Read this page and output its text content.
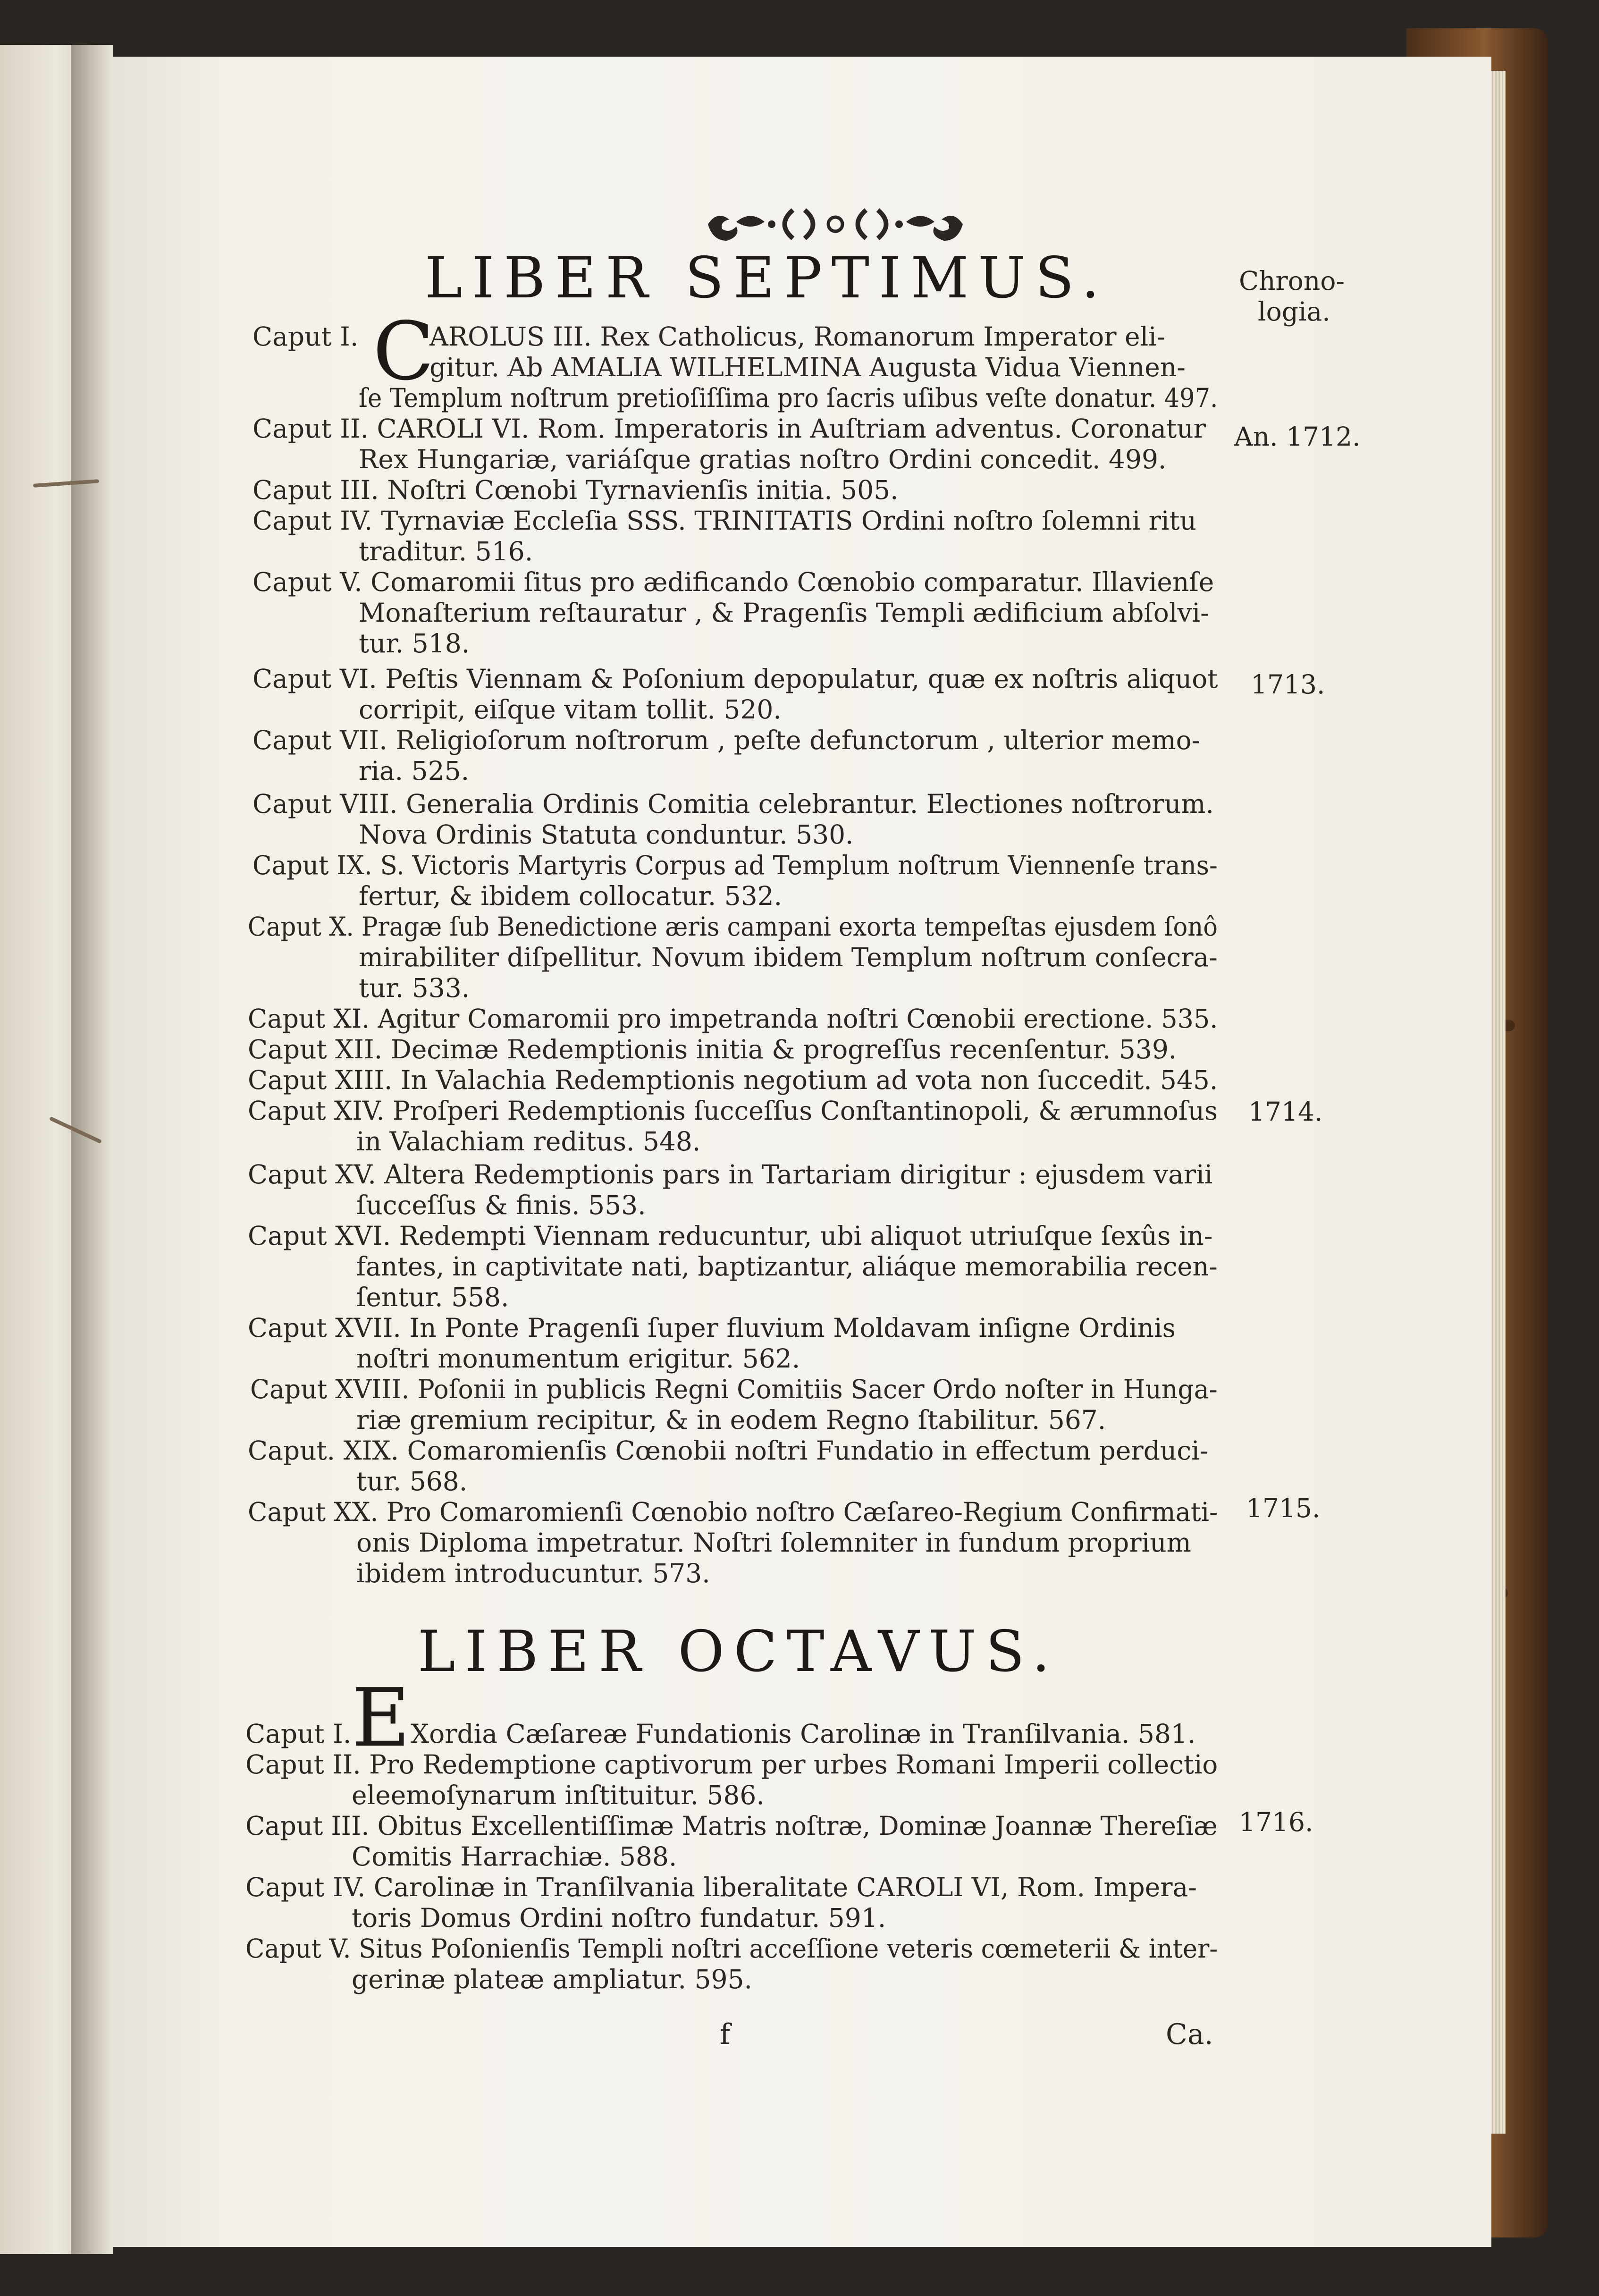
LIBER SEPTIMUS.	Chrono-
logia.
Caput I. C
AROLUS III. Rex Catholicus, Romanorum Imperator eli-
gitur. Ab AMALIA WILHELMINA Augusta Vidua Viennen-
ſe Templum noſtrum pretioſiſſima pro ſacris uſibus veſte donatur. 497.
Caput II. CAROLI VI. Rom. Imperatoris in Auſtriam adventus. Coronatur
Rex Hungariæ, variáſque gratias noſtro Ordini concedit. 499.
Caput III. Noſtri Cœnobi Tyrnavienſis initia. 505.
Caput IV. Tyrnaviæ Eccleſia SSS. TRINITATIS Ordini noſtro ſolemni ritu
traditur. 516.
Caput V. Comaromii ſitus pro ædificando Cœnobio comparatur. Illavienſe
Monaſterium reſtauratur , & Pragenſis Templi ædificium abſolvi-
tur. 518.
Caput VI. Peſtis Viennam & Poſonium depopulatur, quæ ex noſtris aliquot
corripit, eiſque vitam tollit. 520.
Caput VII. Religioſorum noſtrorum , peſte defunctorum , ulterior memo-
ria. 525.
Caput VIII. Generalia Ordinis Comitia celebrantur. Electiones noſtrorum.
Nova Ordinis Statuta conduntur. 530.
Caput IX. S. Victoris Martyris Corpus ad Templum noſtrum Viennenſe trans-
fertur, & ibidem collocatur. 532.
Caput X. Pragæ ſub Benedictione æris campani exorta tempeſtas ejusdem ſonô
mirabiliter diſpellitur. Novum ibidem Templum noſtrum conſecra-
tur. 533.
Caput XI. Agitur Comaromii pro impetranda noſtri Cœnobii erectione. 535.
Caput XII. Decimæ Redemptionis initia & progreſſus recenſentur. 539.
Caput XIII. In Valachia Redemptionis negotium ad vota non ſuccedit. 545.
Caput XIV. Proſperi Redemptionis ſucceſſus Conſtantinopoli, & ærumnoſus
in Valachiam reditus. 548.
Caput XV. Altera Redemptionis pars in Tartariam dirigitur : ejusdem varii
ſucceſſus & finis. 553.
Caput XVI. Redempti Viennam reducuntur, ubi aliquot utriuſque ſexûs in-
fantes, in captivitate nati, baptizantur, aliáque memorabilia recen-
ſentur. 558.
Caput XVII. In Ponte Pragenſi ſuper fluvium Moldavam inſigne Ordinis
noſtri monumentum erigitur. 562.
Caput XVIII. Poſonii in publicis Regni Comitiis Sacer Ordo noſter in Hunga-
riæ gremium recipitur, & in eodem Regno ſtabilitur. 567.
Caput. XIX. Comaromienſis Cœnobii noſtri Fundatio in effectum perduci-
tur. 568.
Caput XX. Pro Comaromienſi Cœnobio noſtro Cæſareo-Regium Confirmati-
onis Diploma impetratur. Noſtri ſolemniter in fundum proprium
ibidem introducuntur. 573.
An. 1712.
1713.
1714.
1715.
1716.
LIBER OCTAVUS.
Caput I. E Xordia Cæſareæ Fundationis Carolinæ in Tranſilvania. 581.
Caput II. Pro Redemptione captivorum per urbes Romani Imperii collectio
eleemoſynarum inſtituitur. 586.
Caput III. Obitus Excellentiſſimæ Matris noſtræ, Dominæ Joannæ Thereſiæ
Comitis Harrachiæ. 588.
Caput IV. Carolinæ in Tranſilvania liberalitate CAROLI VI, Rom. Impera-
toris Domus Ordini noſtro fundatur. 591.
Caput V. Situs Poſonienſis Templi noſtri acceſſione veteris cœmeterii & inter-
gerinæ plateæ ampliatur. 595.
f	Ca.
